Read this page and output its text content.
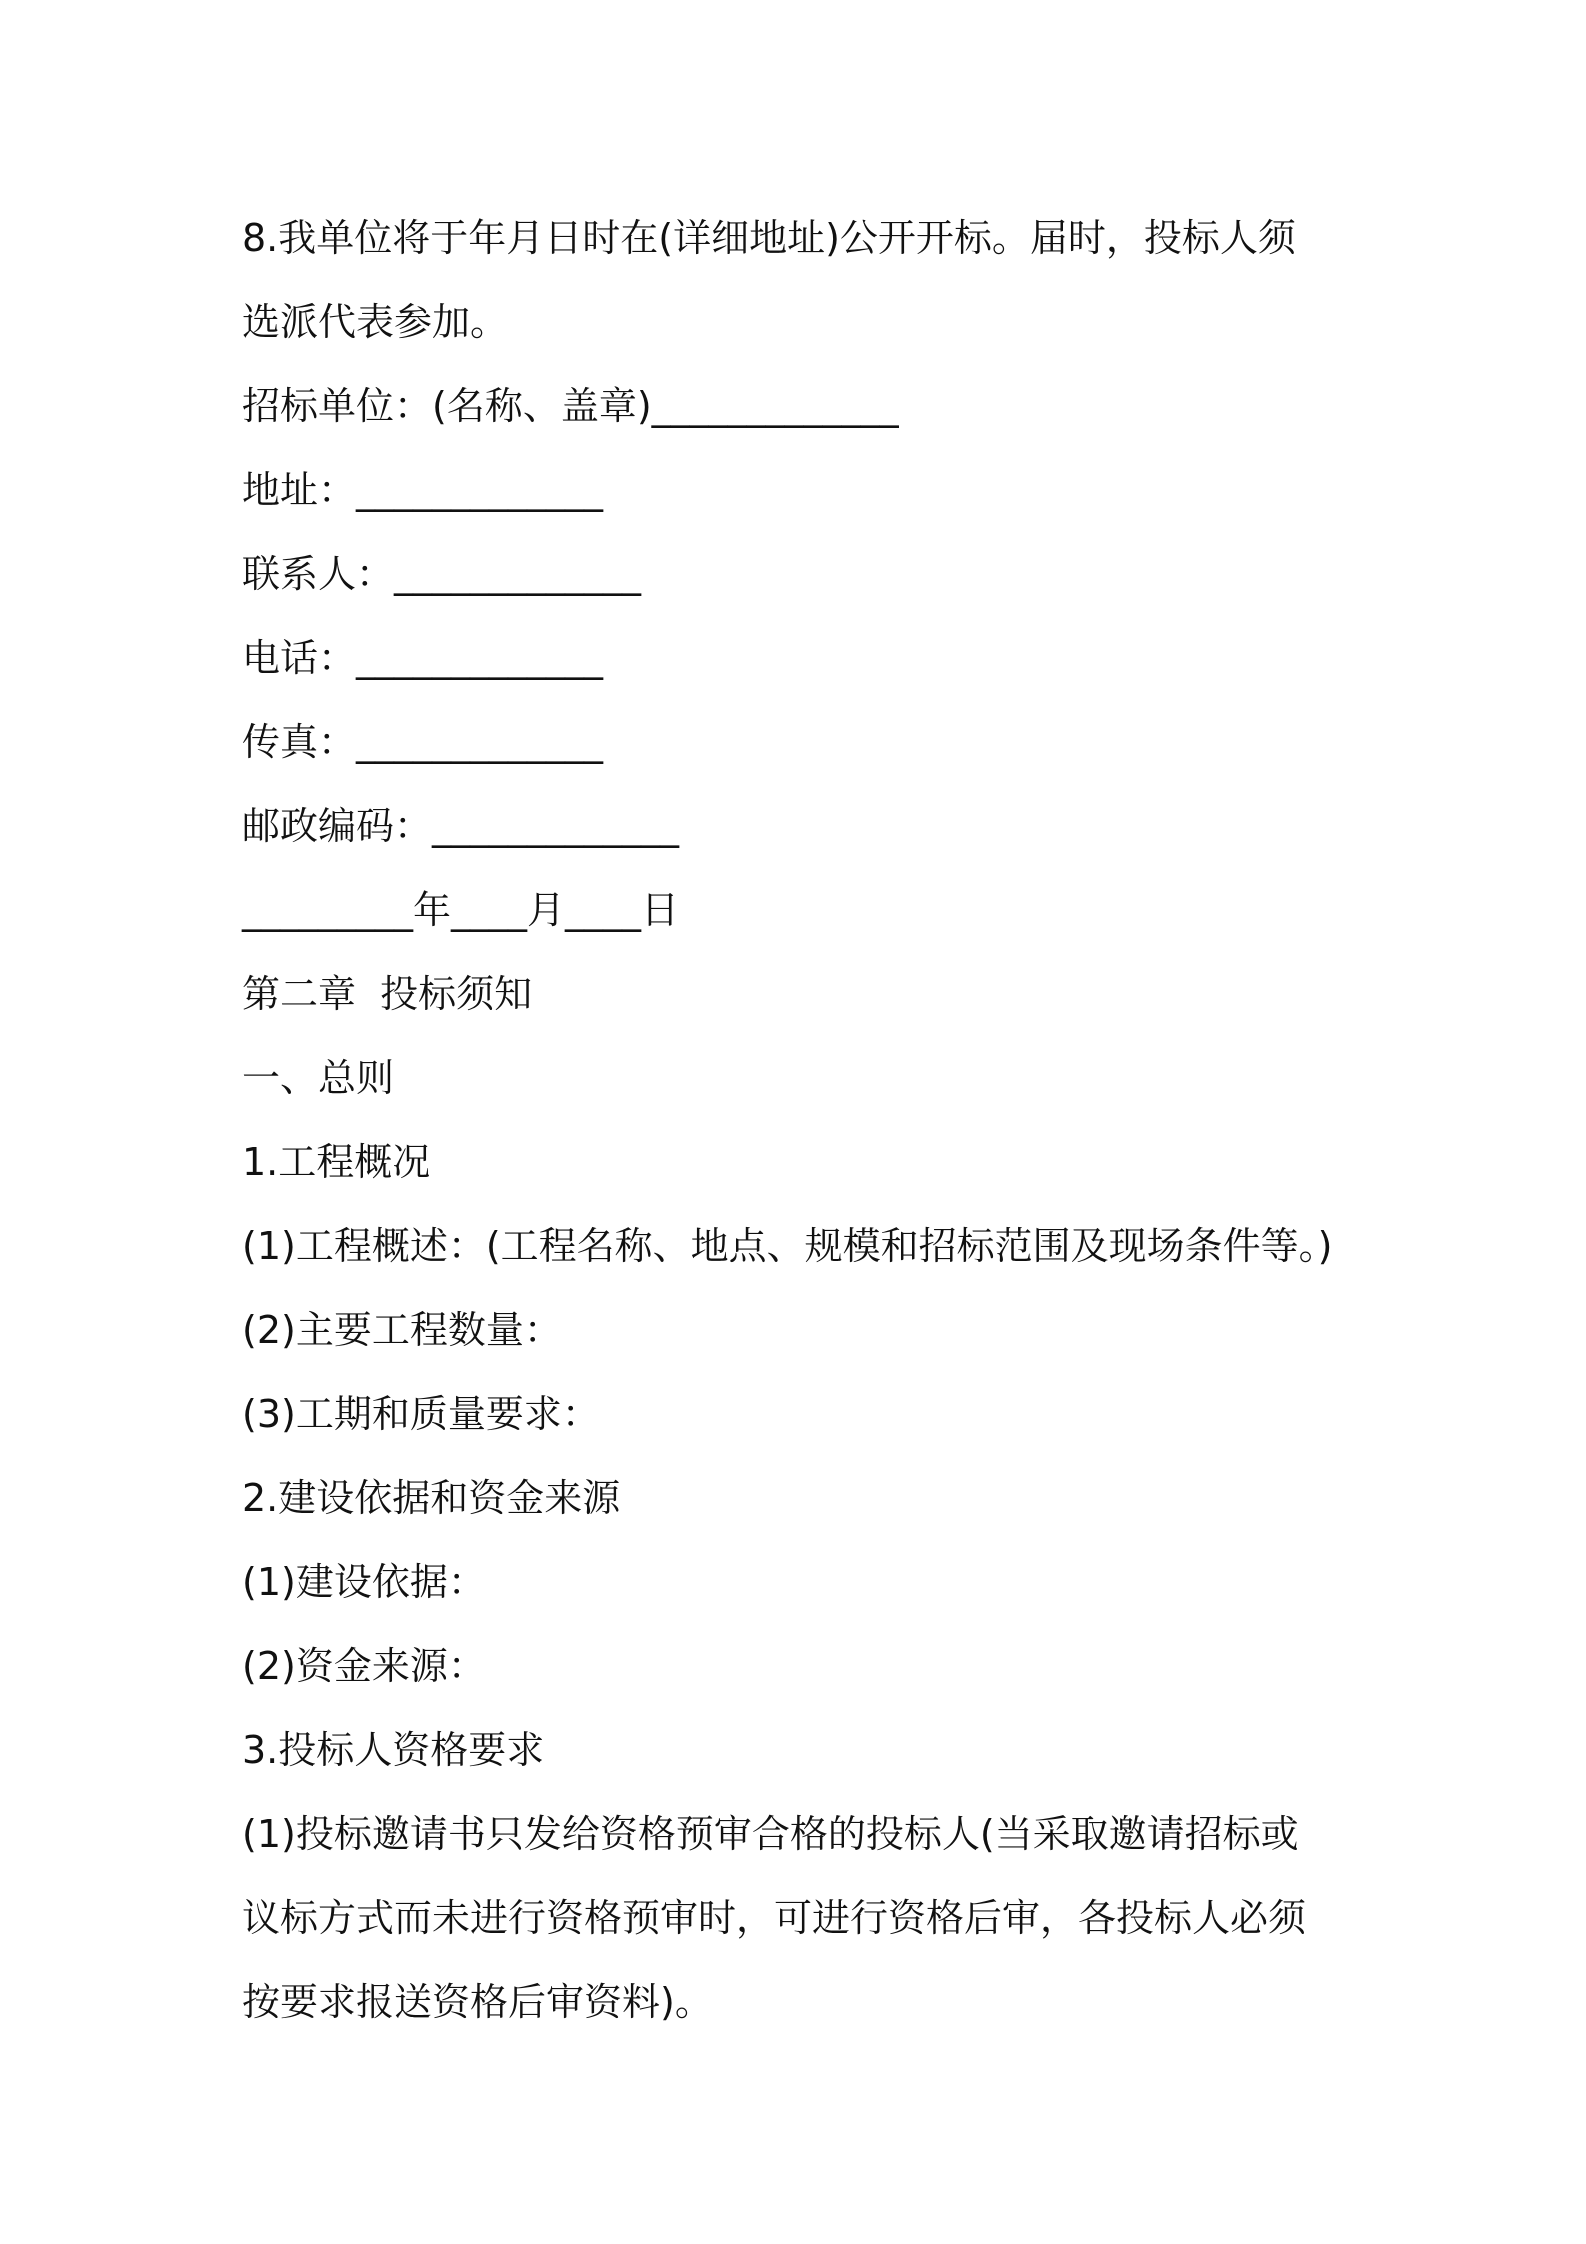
8.我单位将于年月日时在(详细地址)公开开标。届时，投标人须

选派代表参加。

招标单位：(名称、盖章)_____________

地址：_____________

联系人：_____________

电话：_____________

传真：_____________

邮政编码：_____________

_________年____月____日

第二章  投标须知

一、总则

1.工程概况

(1)工程概述：(工程名称、地点、规模和招标范围及现场条件等。)

(2)主要工程数量：

(3)工期和质量要求：

2.建设依据和资金来源

(1)建设依据：

(2)资金来源：

3.投标人资格要求

(1)投标邀请书只发给资格预审合格的投标人(当采取邀请招标或

议标方式而未进行资格预审时，可进行资格后审，各投标人必须

按要求报送资格后审资料)。
